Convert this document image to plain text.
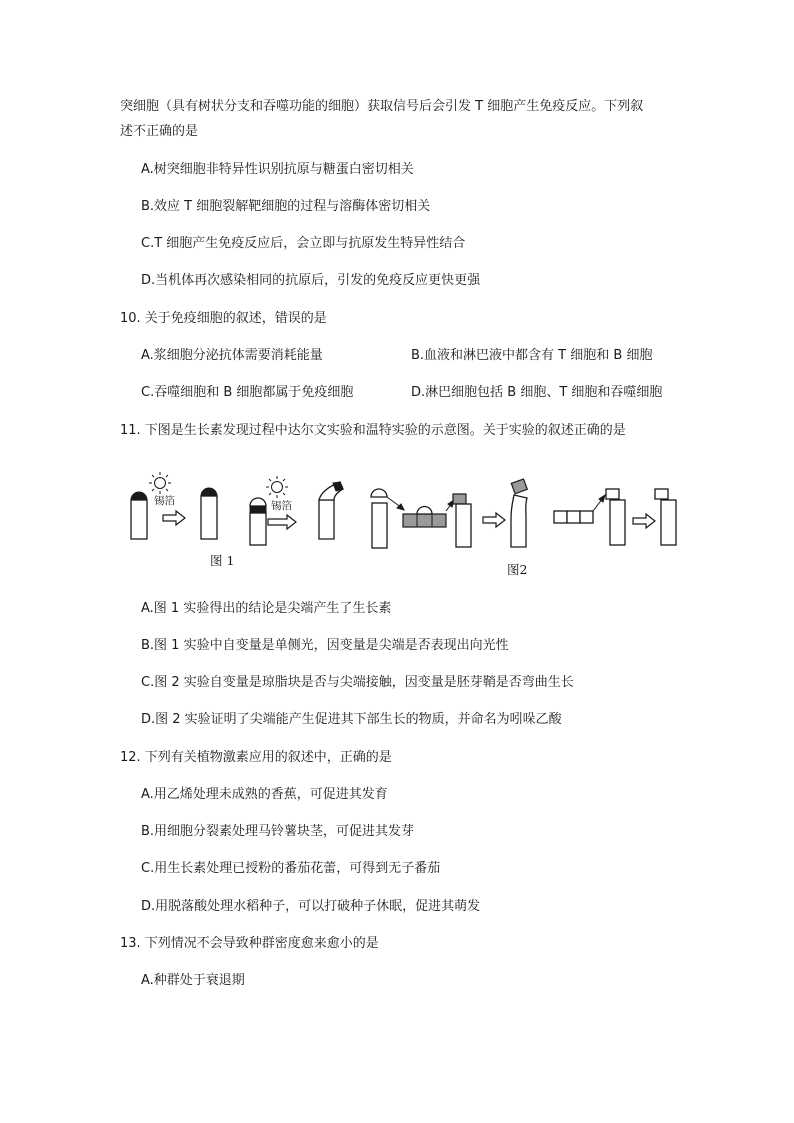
突细胞（具有树状分支和吞噬功能的细胞）获取信号后会引发 T 细胞产生免疫反应。下列叙
述不正确的是
A.树突细胞非特异性识别抗原与糖蛋白密切相关
B.效应 T 细胞裂解靶细胞的过程与溶酶体密切相关
C.T 细胞产生免疫反应后，会立即与抗原发生特异性结合
D.当机体再次感染相同的抗原后，引发的免疫反应更快更强
10. 关于免疫细胞的叙述，错误的是
A.浆细胞分泌抗体需要消耗能量	B.血液和淋巴液中都含有 T 细胞和 B 细胞
C.吞噬细胞和 B 细胞都属于免疫细胞	D.淋巴细胞包括 B 细胞、T 细胞和吞噬细胞
11. 下图是生长素发现过程中达尔文实验和温特实验的示意图。关于实验的叙述正确的是
锡箔	锡箔
图 1
图2
A.图 1 实验得出的结论是尖端产生了生长素
B.图 1 实验中自变量是单侧光，因变量是尖端是否表现出向光性
C.图 2 实验自变量是琼脂块是否与尖端接触，因变量是胚芽鞘是否弯曲生长
D.图 2 实验证明了尖端能产生促进其下部生长的物质，并命名为吲哚乙酸
12. 下列有关植物激素应用的叙述中，正确的是
A.用乙烯处理未成熟的香蕉，可促进其发育
B.用细胞分裂素处理马铃薯块茎，可促进其发芽
C.用生长素处理已授粉的番茄花蕾，可得到无子番茄
D.用脱落酸处理水稻种子，可以打破种子休眠，促进其萌发
13. 下列情况不会导致种群密度愈来愈小的是
A.种群处于衰退期
